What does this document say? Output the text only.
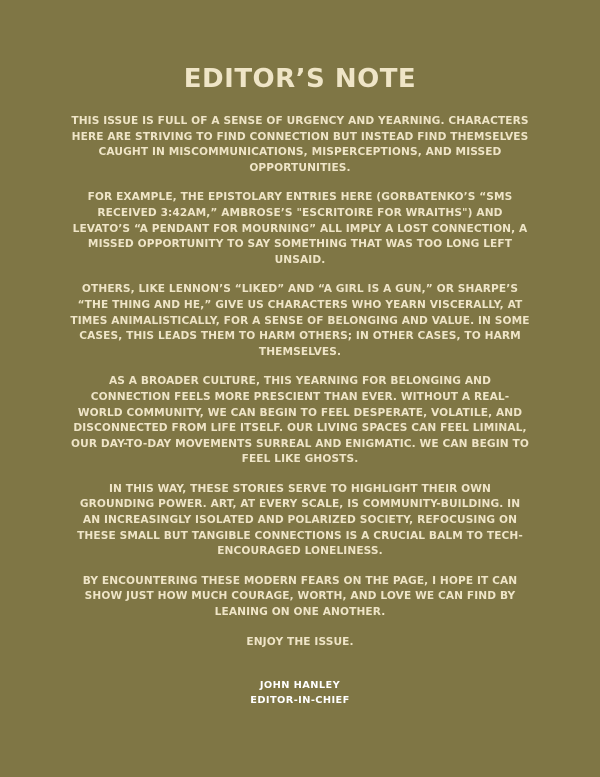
EDITOR’S NOTE

THIS ISSUE IS FULL OF A SENSE OF URGENCY AND YEARNING. CHARACTERS HERE ARE STRIVING TO FIND CONNECTION BUT INSTEAD FIND THEMSELVES CAUGHT IN MISCOMMUNICATIONS, MISPERCEPTIONS, AND MISSED OPPORTUNITIES.

FOR EXAMPLE, THE EPISTOLARY ENTRIES HERE (GORBATENKO’S “SMS RECEIVED 3:42AM,” AMBROSE’S "ESCRITOIRE FOR WRAITHS") AND LEVATO’S “A PENDANT FOR MOURNING” ALL IMPLY A LOST CONNECTION, A MISSED OPPORTUNITY TO SAY SOMETHING THAT WAS TOO LONG LEFT UNSAID.

OTHERS, LIKE LENNON’S “LIKED” AND “A GIRL IS A GUN,” OR SHARPE’S “THE THING AND HE,” GIVE US CHARACTERS WHO YEARN VISCERALLY, AT TIMES ANIMALISTICALLY, FOR A SENSE OF BELONGING AND VALUE. IN SOME CASES, THIS LEADS THEM TO HARM OTHERS; IN OTHER CASES, TO HARM THEMSELVES.

AS A BROADER CULTURE, THIS YEARNING FOR BELONGING AND CONNECTION FEELS MORE PRESCIENT THAN EVER. WITHOUT A REAL-WORLD COMMUNITY, WE CAN BEGIN TO FEEL DESPERATE, VOLATILE, AND DISCONNECTED FROM LIFE ITSELF. OUR LIVING SPACES CAN FEEL LIMINAL, OUR DAY-TO-DAY MOVEMENTS SURREAL AND ENIGMATIC. WE CAN BEGIN TO FEEL LIKE GHOSTS.

IN THIS WAY, THESE STORIES SERVE TO HIGHLIGHT THEIR OWN GROUNDING POWER. ART, AT EVERY SCALE, IS COMMUNITY-BUILDING. IN AN INCREASINGLY ISOLATED AND POLARIZED SOCIETY, REFOCUSING ON THESE SMALL BUT TANGIBLE CONNECTIONS IS A CRUCIAL BALM TO TECH-ENCOURAGED LONELINESS.

BY ENCOUNTERING THESE MODERN FEARS ON THE PAGE, I HOPE IT CAN SHOW JUST HOW MUCH COURAGE, WORTH, AND LOVE WE CAN FIND BY LEANING ON ONE ANOTHER.

ENJOY THE ISSUE.

JOHN HANLEY
EDITOR-IN-CHIEF
